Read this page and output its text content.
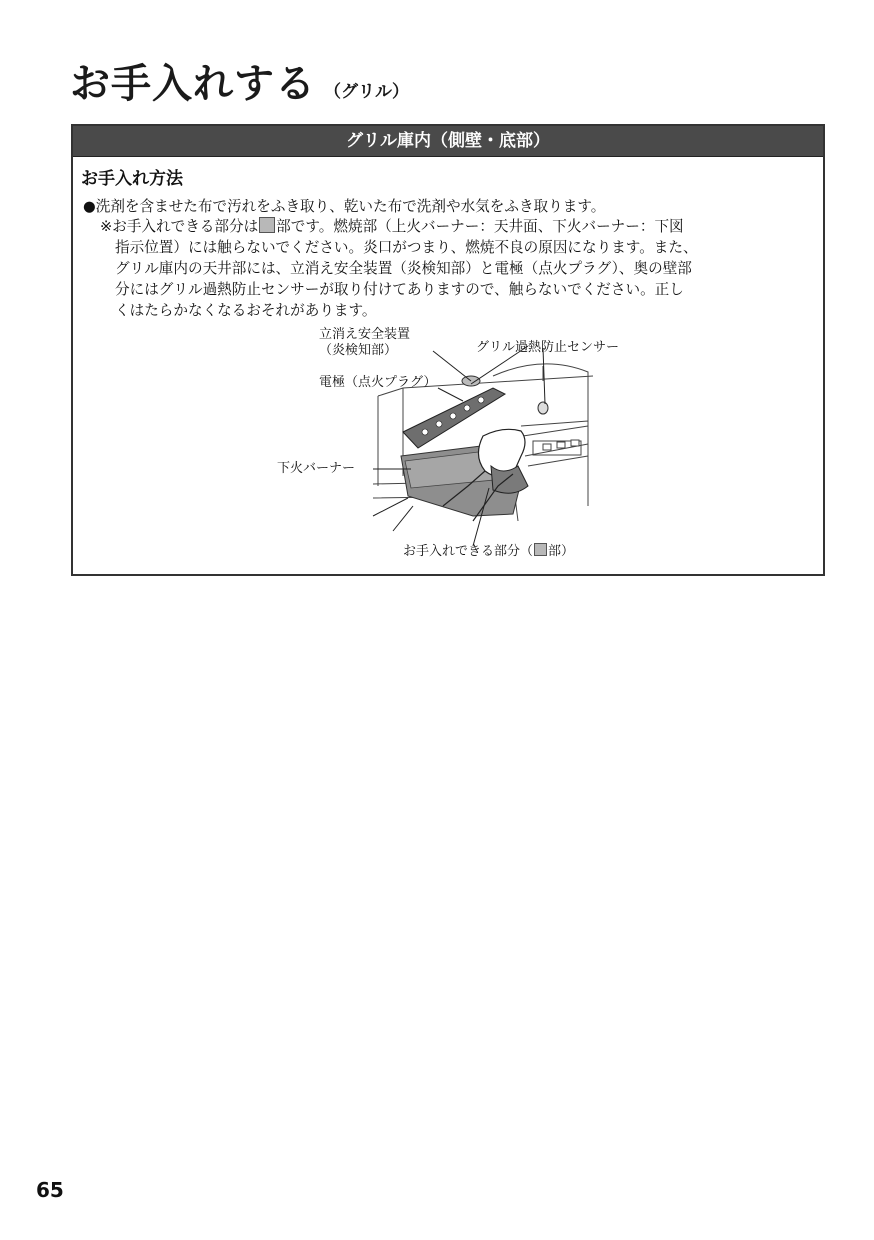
お手入れする （グリル）
グリル庫内（側壁・底部）
お手入れ方法
●洗剤を含ませた布で汚れをふき取り、乾いた布で洗剤や水気をふき取ります。
※お手入れできる部分は 部です。燃焼部（上火バーナー：天井面、下火バーナー：下図
指示位置）には触らないでください。炎口がつまり、燃焼不良の原因になります。また、
グリル庫内の天井部には、立消え安全装置（炎検知部）と電極（点火プラグ）、奥の壁部
分にはグリル過熱防止センサーが取り付けてありますので、触らないでください。正し
くはたらかなくなるおそれがあります。
立消え安全装置
（炎検知部）	グリル過熱防止センサー
電極（点火プラグ）
下火バーナー
お手入れできる部分（ 部）
65
